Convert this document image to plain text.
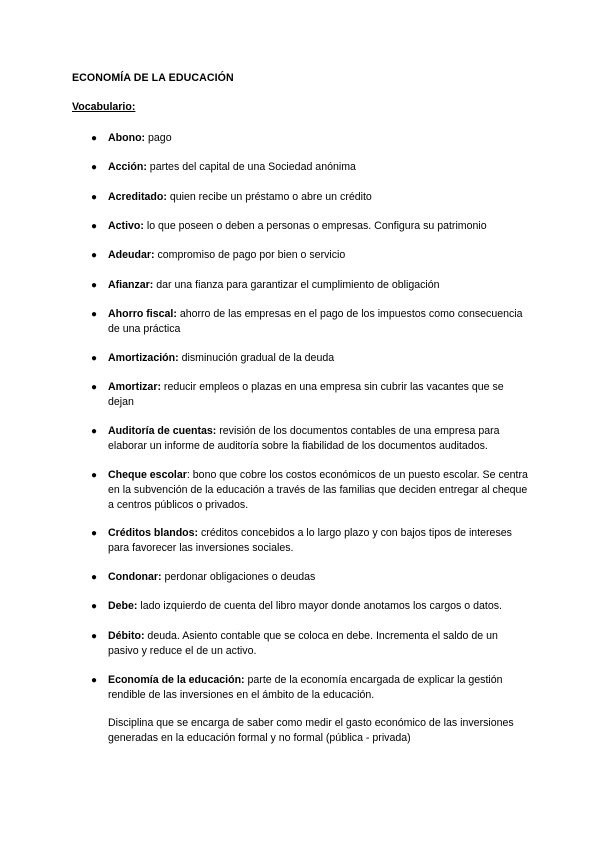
ECONOMÍA DE LA EDUCACIÓN
Vocabulario:
● Abono: pago
● Acción: partes del capital de una Sociedad anónima
● Acreditado: quien recibe un préstamo o abre un crédito
● Activo: lo que poseen o deben a personas o empresas. Configura su patrimonio
● Adeudar: compromiso de pago por bien o servicio
● Afianzar: dar una fianza para garantizar el cumplimiento de obligación
● Ahorro fiscal: ahorro de las empresas en el pago de los impuestos como consecuencia de una práctica
● Amortización: disminución gradual de la deuda
● Amortizar: reducir empleos o plazas en una empresa sin cubrir las vacantes que se dejan
● Auditoría de cuentas: revisión de los documentos contables de una empresa para elaborar un informe de auditoría sobre la fiabilidad de los documentos auditados.
● Cheque escolar: bono que cobre los costos económicos de un puesto escolar. Se centra en la subvención de la educación a través de las familias que deciden entregar al cheque a centros públicos o privados.
● Créditos blandos: créditos concebidos a lo largo plazo y con bajos tipos de intereses para favorecer las inversiones sociales.
● Condonar: perdonar obligaciones o deudas
● Debe: lado izquierdo de cuenta del libro mayor donde anotamos los cargos o datos.
● Débito: deuda. Asiento contable que se coloca en debe. Incrementa el saldo de un pasivo y reduce el de un activo.
● Economía de la educación: parte de la economía encargada de explicar la gestión rendible de las inversiones en el ámbito de la educación.
Disciplina que se encarga de saber como medir el gasto económico de las inversiones generadas en la educación formal y no formal (pública - privada)
